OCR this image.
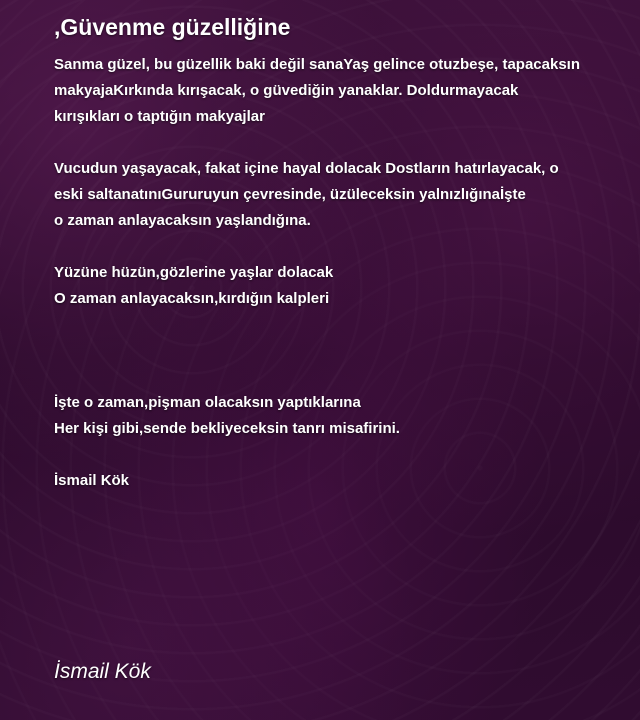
,Güvenme güzelliğine
Sanma güzel, bu güzellik baki değil sanaYaş gelince otuzbeşe, tapacaksın
makyajaKırkında kırışacak, o güvediğin yanaklar. Doldurmayacak
kırışıkları o taptığın makyajlar
Vucudun yaşayacak, fakat içine hayal dolacak Dostların hatırlayacak, o
eski saltanatınıGururuyun çevresinde, üzüleceksin yalnızlığınaİşte
o zaman anlayacaksın yaşlandığına.
Yüzüne hüzün,gözlerine yaşlar dolacak
O zaman anlayacaksın,kırdığın kalpleri
İşte o zaman,pişman olacaksın yaptıklarına
Her kişi gibi,sende bekliyeceksin tanrı misafirini.
İsmail Kök
İsmail Kök
